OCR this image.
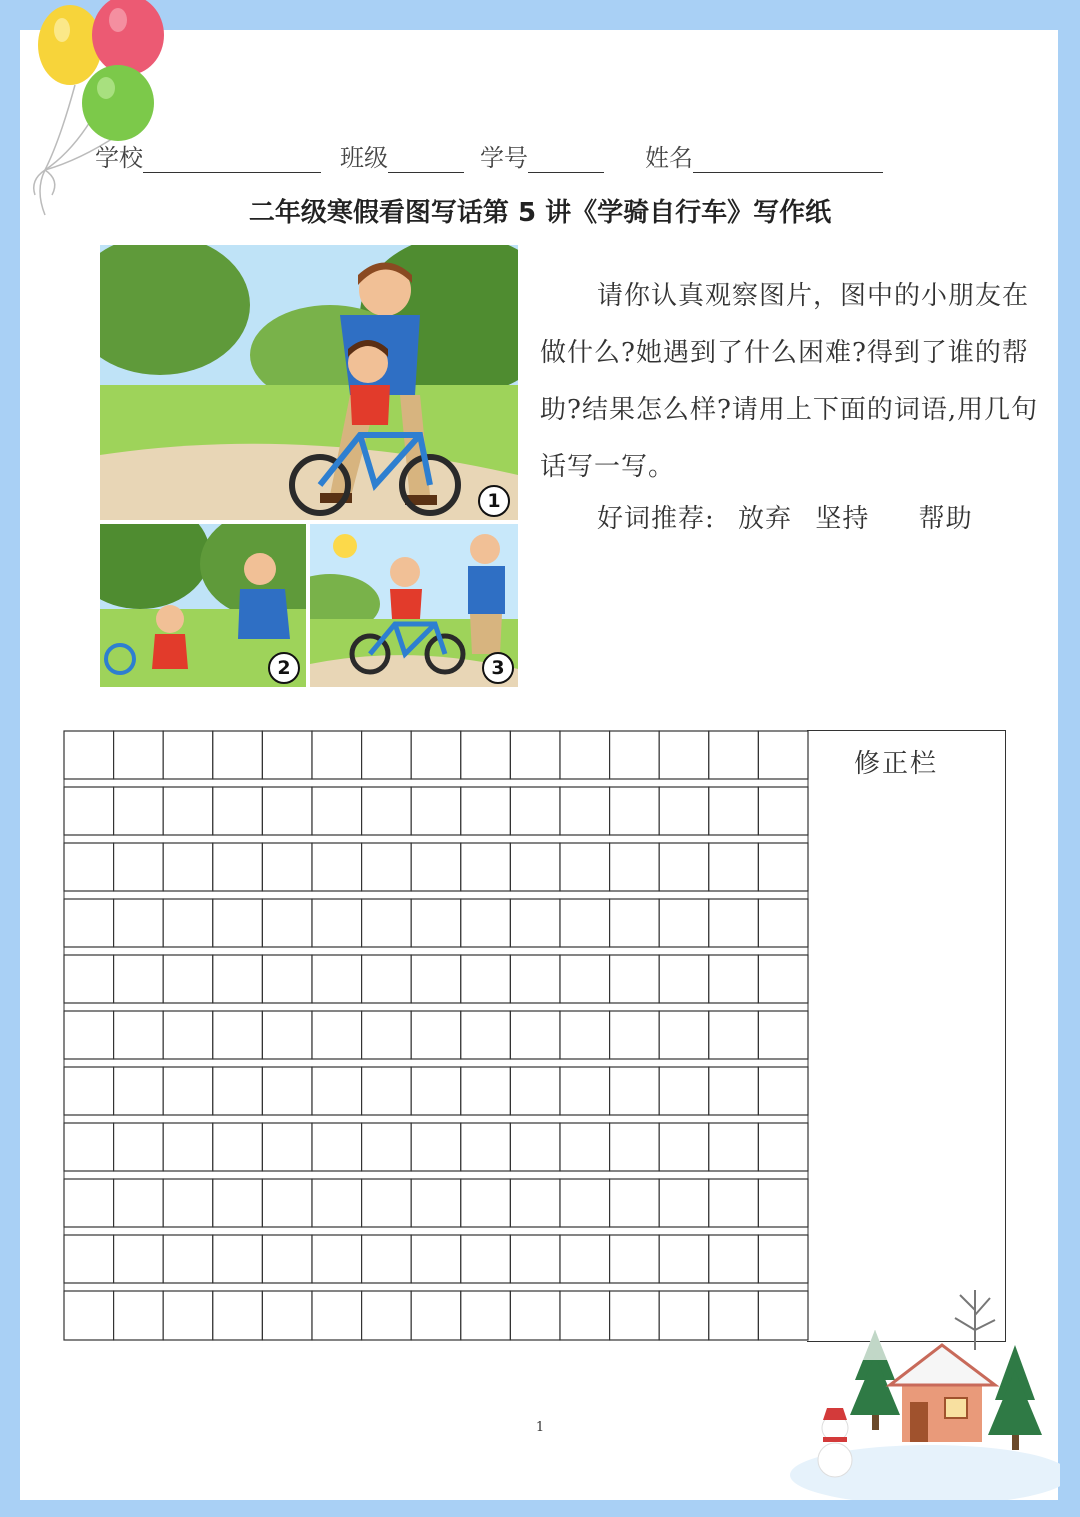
学校	班级	学号	姓名
二年级寒假看图写话第 5 讲《学骑自行车》写作纸
1
2	3
请你认真观察图片，图中的小朋友在做什么?她遇到了什么困难?得到了谁的帮助?结果怎么样?请用上下面的词语,用几句话写一写。
好词推荐: 放弃 坚持 帮助
修正栏
1
